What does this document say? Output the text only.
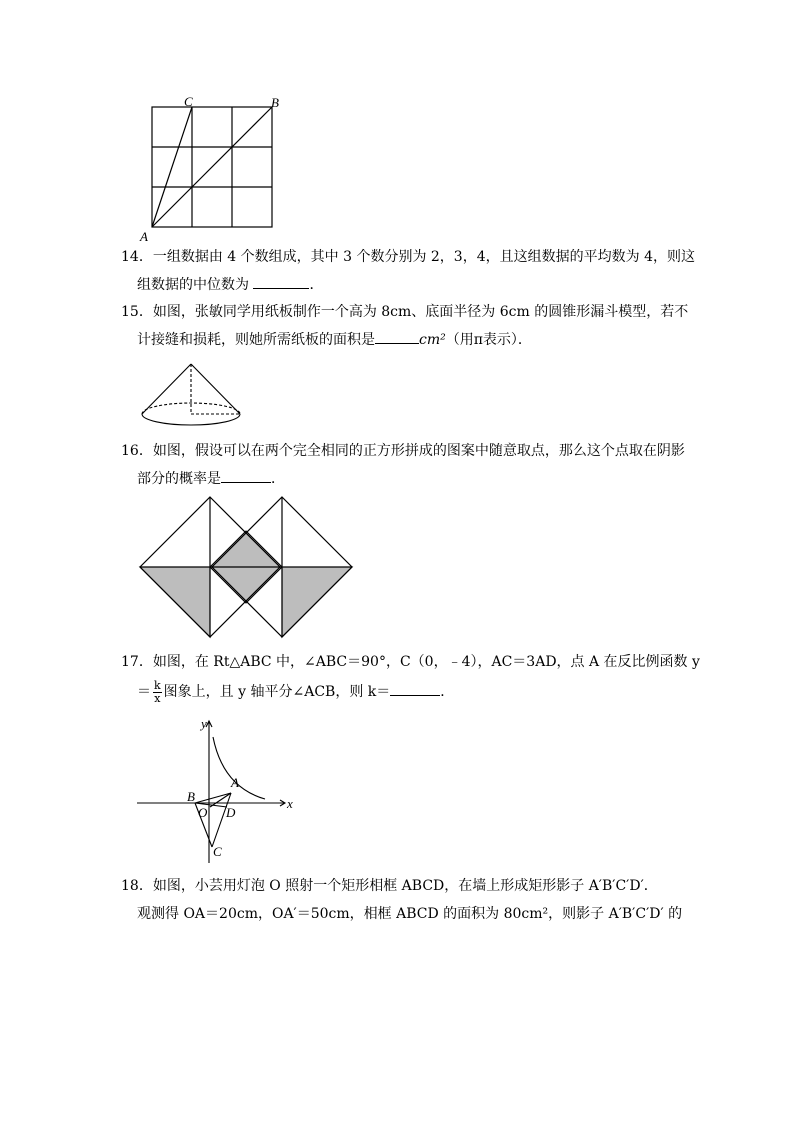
C	B
A

14．一组数据由 4 个数组成，其中 3 个数分别为 2，3，4，且这组数据的平均数为 4，则这

组数据的中位数为	．

15．如图，张敏同学用纸板制作一个高为 8cm、底面半径为 6cm 的圆锥形漏斗模型，若不

计接缝和损耗，则她所需纸板的面积是	cm²（用π表示）．

16．如图，假设可以在两个完全相同的正方形拼成的图案中随意取点，那么这个点取在阴影

部分的概率是	．

17．如图，在 Rt△ABC 中，∠ABC＝90°，C（0，﹣4），AC＝3AD，点 A 在反比例函数 y

＝ $\frac{k}{x}$ 图象上，且 y 轴平分∠ACB，则 k＝	．

y
x
A
B
O D
C

18．如图，小芸用灯泡 O 照射一个矩形相框 ABCD，在墙上形成矩形影子 A′B′C′D′．

观测得 OA＝20cm，OA′＝50cm，相框 ABCD 的面积为 80cm²，则影子 A′B′C′D′ 的
